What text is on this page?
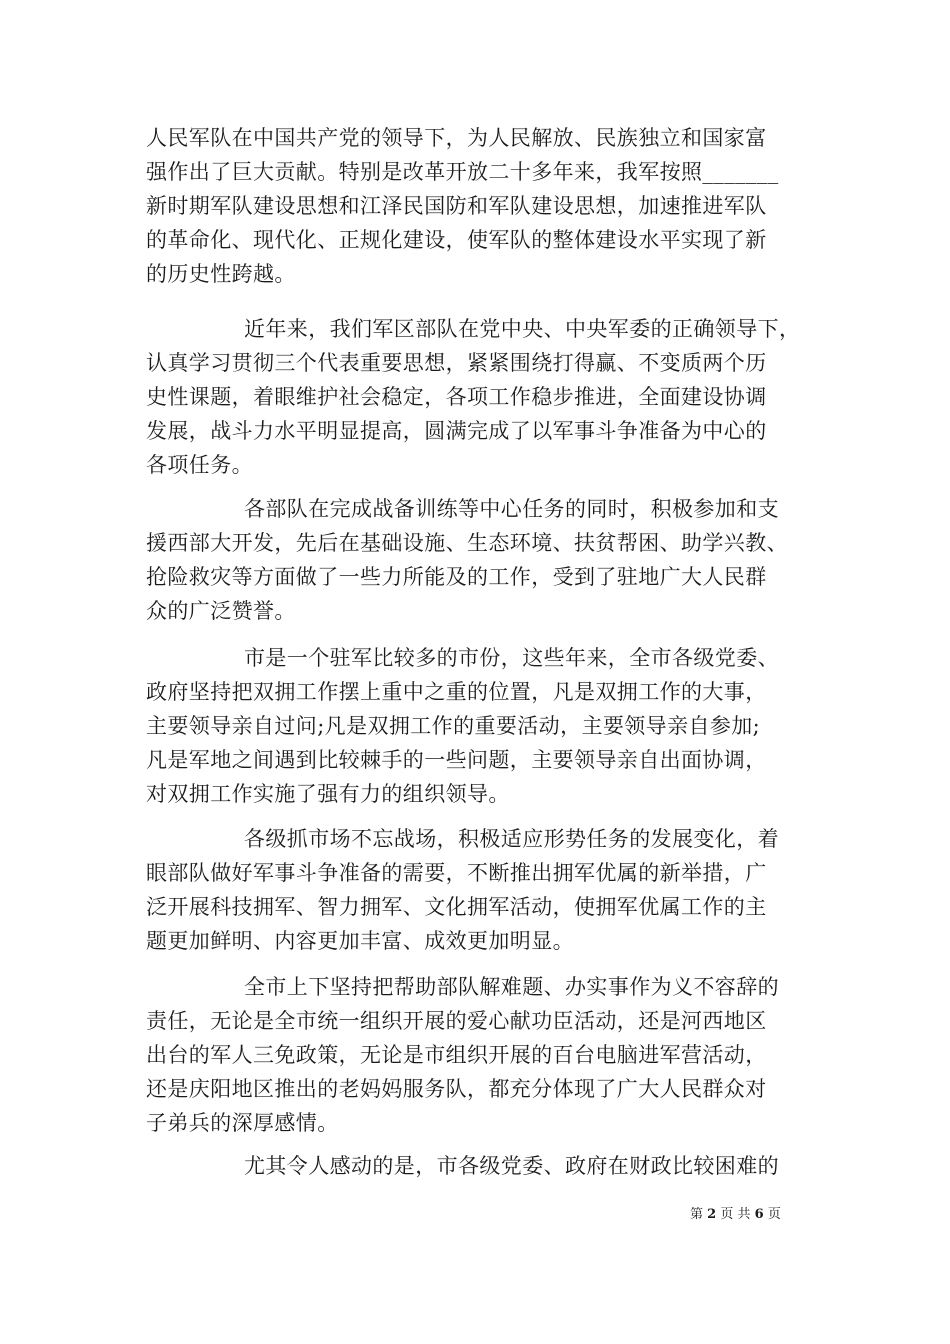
人民军队在中国共产党的领导下，为人民解放、民族独立和国家富
强作出了巨大贡献。特别是改革开放二十多年来，我军按照_______
新时期军队建设思想和江泽民国防和军队建设思想，加速推进军队
的革命化、现代化、正规化建设，使军队的整体建设水平实现了新
的历史性跨越。
近年来，我们军区部队在党中央、中央军委的正确领导下，
认真学习贯彻三个代表重要思想，紧紧围绕打得赢、不变质两个历
史性课题，着眼维护社会稳定，各项工作稳步推进，全面建设协调
发展，战斗力水平明显提高，圆满完成了以军事斗争准备为中心的
各项任务。
各部队在完成战备训练等中心任务的同时，积极参加和支
援西部大开发，先后在基础设施、生态环境、扶贫帮困、助学兴教、
抢险救灾等方面做了一些力所能及的工作，受到了驻地广大人民群
众的广泛赞誉。
市是一个驻军比较多的市份，这些年来，全市各级党委、
政府坚持把双拥工作摆上重中之重的位置，凡是双拥工作的大事，
主要领导亲自过问;凡是双拥工作的重要活动，主要领导亲自参加;
凡是军地之间遇到比较棘手的一些问题，主要领导亲自出面协调，
对双拥工作实施了强有力的组织领导。
各级抓市场不忘战场，积极适应形势任务的发展变化，着
眼部队做好军事斗争准备的需要，不断推出拥军优属的新举措，广
泛开展科技拥军、智力拥军、文化拥军活动，使拥军优属工作的主
题更加鲜明、内容更加丰富、成效更加明显。
全市上下坚持把帮助部队解难题、办实事作为义不容辞的
责任，无论是全市统一组织开展的爱心献功臣活动，还是河西地区
出台的军人三免政策，无论是市组织开展的百台电脑进军营活动，
还是庆阳地区推出的老妈妈服务队，都充分体现了广大人民群众对
子弟兵的深厚感情。
尤其令人感动的是，市各级党委、政府在财政比较困难的
第 2 页 共 6 页
